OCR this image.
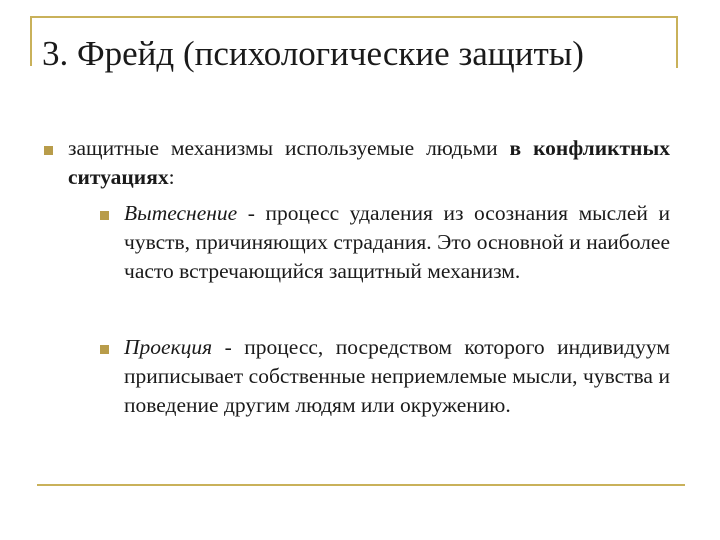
3. Фрейд (психологические защиты)

защитные механизмы используемые людьми в конфликтных ситуациях:

Вытеснение - процесс удаления из осознания мыслей и чувств, причиняющих страдания. Это основной и наиболее часто встречающийся защитный механизм.

Проекция - процесс, посредством которого индивидуум приписывает собственные неприемлемые мысли, чувства и поведение другим людям или окружению.
